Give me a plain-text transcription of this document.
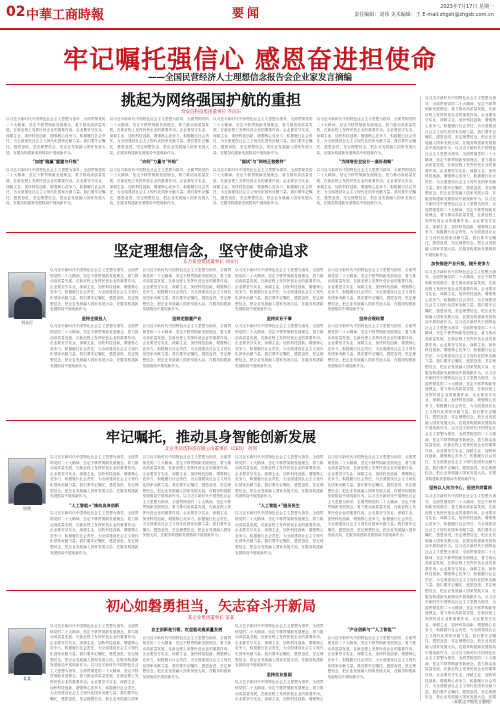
02 中華工商時報	要闻	2023年7月17日 星期一
责任编辑：刘伟 美术编辑：王 E-mail:zhgsh@zhgsb.com.cn
牢记嘱托强信心 感恩奋进担使命
——全国民营经济人士理想信念报告会企业家发言摘编
挑起为网络强国护航的重担
奇安信科技集团董事长 齐向东
以习近平新时代中国特色社会主义思想为指导，全面贯彻党的二十大精神，坚定不移贯彻新发展理念，着力推动高质量发展，在新征程上发挥民营企业的重要作用。企业要坚守实业，深耕主业，加快科技创新，增强核心竞争力，积极履行社会责任，为全面建设社会主义现代化国家贡献力量。我们要牢记嘱托，感恩奋进，坚定理想信念，把企业发展融入国家发展大局，在服务构建新发展格局中展现新作为。
"加速"跑赢"重建与升级"
以习近平新时代中国特色社会主义思想为指导，全面贯彻党的二十大精神，坚定不移贯彻新发展理念，着力推动高质量发展，在新征程上发挥民营企业的重要作用。企业要坚守实业，深耕主业，加快科技创新，增强核心竞争力，积极履行社会责任，为全面建设社会主义现代化国家贡献力量。我们要牢记嘱托，感恩奋进，坚定理想信念，把企业发展融入国家发展大局，在服务构建新发展格局中展现新作为。
以习近平新时代中国特色社会主义思想为指导，全面贯彻党的二十大精神，坚定不移贯彻新发展理念，着力推动高质量发展，在新征程上发挥民营企业的重要作用。企业要坚守实业，深耕主业，加快科技创新，增强核心竞争力，积极履行社会责任，为全面建设社会主义现代化国家贡献力量。我们要牢记嘱托，感恩奋进，坚定理想信念，把企业发展融入国家发展大局，在服务构建新发展格局中展现新作为。
"向好"力量与"补贴"
以习近平新时代中国特色社会主义思想为指导，全面贯彻党的二十大精神，坚定不移贯彻新发展理念，着力推动高质量发展，在新征程上发挥民营企业的重要作用。企业要坚守实业，深耕主业，加快科技创新，增强核心竞争力，积极履行社会责任，为全面建设社会主义现代化国家贡献力量。我们要牢记嘱托，感恩奋进，坚定理想信念，把企业发展融入国家发展大局，在服务构建新发展格局中展现新作为。
以习近平新时代中国特色社会主义思想为指导，全面贯彻党的二十大精神，坚定不移贯彻新发展理念，着力推动高质量发展，在新征程上发挥民营企业的重要作用。企业要坚守实业，深耕主业，加快科技创新，增强核心竞争力，积极履行社会责任，为全面建设社会主义现代化国家贡献力量。我们要牢记嘱托，感恩奋进，坚定理想信念，把企业发展融入国家发展大局，在服务构建新发展格局中展现新作为。
"国试"与"网络正装数件"
以习近平新时代中国特色社会主义思想为指导，全面贯彻党的二十大精神，坚定不移贯彻新发展理念，着力推动高质量发展，在新征程上发挥民营企业的重要作用。企业要坚守实业，深耕主业，加快科技创新，增强核心竞争力，积极履行社会责任，为全面建设社会主义现代化国家贡献力量。我们要牢记嘱托，感恩奋进，坚定理想信念，把企业发展融入国家发展大局，在服务构建新发展格局中展现新作为。
以习近平新时代中国特色社会主义思想为指导，全面贯彻党的二十大精神，坚定不移贯彻新发展理念，着力推动高质量发展，在新征程上发挥民营企业的重要作用。企业要坚守实业，深耕主业，加快科技创新，增强核心竞争力，积极履行社会责任，为全面建设社会主义现代化国家贡献力量。我们要牢记嘱托，感恩奋进，坚定理想信念，把企业发展融入国家发展大局，在服务构建新发展格局中展现新作为。
"为网络安全设计一套好战略"
以习近平新时代中国特色社会主义思想为指导，全面贯彻党的二十大精神，坚定不移贯彻新发展理念，着力推动高质量发展，在新征程上发挥民营企业的重要作用。企业要坚守实业，深耕主业，加快科技创新，增强核心竞争力，积极履行社会责任，为全面建设社会主义现代化国家贡献力量。我们要牢记嘱托，感恩奋进，坚定理想信念，把企业发展融入国家发展大局，在服务构建新发展格局中展现新作为。
坚定理想信念，坚守使命追求
东方希望集团董事长 刘永行
刘永行
以习近平新时代中国特色社会主义思想为指导，全面贯彻党的二十大精神，坚定不移贯彻新发展理念，着力推动高质量发展，在新征程上发挥民营企业的重要作用。企业要坚守实业，深耕主业，加快科技创新，增强核心竞争力，积极履行社会责任，为全面建设社会主义现代化国家贡献力量。我们要牢记嘱托，感恩奋进，坚定理想信念，把企业发展融入国家发展大局，在服务构建新发展格局中展现新作为。
坚持全面投入
以习近平新时代中国特色社会主义思想为指导，全面贯彻党的二十大精神，坚定不移贯彻新发展理念，着力推动高质量发展，在新征程上发挥民营企业的重要作用。企业要坚守实业，深耕主业，加快科技创新，增强核心竞争力，积极履行社会责任，为全面建设社会主义现代化国家贡献力量。我们要牢记嘱托，感恩奋进，坚定理想信念，把企业发展融入国家发展大局，在服务构建新发展格局中展现新作为。
以习近平新时代中国特色社会主义思想为指导，全面贯彻党的二十大精神，坚定不移贯彻新发展理念，着力推动高质量发展，在新征程上发挥民营企业的重要作用。企业要坚守实业，深耕主业，加快科技创新，增强核心竞争力，积极履行社会责任，为全面建设社会主义现代化国家贡献力量。我们要牢记嘱托，感恩奋进，坚定理想信念，把企业发展融入国家发展大局，在服务构建新发展格局中展现新作为。
坚持走稳重产业
以习近平新时代中国特色社会主义思想为指导，全面贯彻党的二十大精神，坚定不移贯彻新发展理念，着力推动高质量发展，在新征程上发挥民营企业的重要作用。企业要坚守实业，深耕主业，加快科技创新，增强核心竞争力，积极履行社会责任，为全面建设社会主义现代化国家贡献力量。我们要牢记嘱托，感恩奋进，坚定理想信念，把企业发展融入国家发展大局，在服务构建新发展格局中展现新作为。
以习近平新时代中国特色社会主义思想为指导，全面贯彻党的二十大精神，坚定不移贯彻新发展理念，着力推动高质量发展，在新征程上发挥民营企业的重要作用。企业要坚守实业，深耕主业，加快科技创新，增强核心竞争力，积极履行社会责任，为全面建设社会主义现代化国家贡献力量。我们要牢记嘱托，感恩奋进，坚定理想信念，把企业发展融入国家发展大局，在服务构建新发展格局中展现新作为。
坚持实业干事
以习近平新时代中国特色社会主义思想为指导，全面贯彻党的二十大精神，坚定不移贯彻新发展理念，着力推动高质量发展，在新征程上发挥民营企业的重要作用。企业要坚守实业，深耕主业，加快科技创新，增强核心竞争力，积极履行社会责任，为全面建设社会主义现代化国家贡献力量。我们要牢记嘱托，感恩奋进，坚定理想信念，把企业发展融入国家发展大局，在服务构建新发展格局中展现新作为。
以习近平新时代中国特色社会主义思想为指导，全面贯彻党的二十大精神，坚定不移贯彻新发展理念，着力推动高质量发展，在新征程上发挥民营企业的重要作用。企业要坚守实业，深耕主业，加快科技创新，增强核心竞争力，积极履行社会责任，为全面建设社会主义现代化国家贡献力量。我们要牢记嘱托，感恩奋进，坚定理想信念，把企业发展融入国家发展大局，在服务构建新发展格局中展现新作为。
坚持合规经营
以习近平新时代中国特色社会主义思想为指导，全面贯彻党的二十大精神，坚定不移贯彻新发展理念，着力推动高质量发展，在新征程上发挥民营企业的重要作用。企业要坚守实业，深耕主业，加快科技创新，增强核心竞争力，积极履行社会责任，为全面建设社会主义现代化国家贡献力量。我们要牢记嘱托，感恩奋进，坚定理想信念，把企业发展融入国家发展大局，在服务构建新发展格局中展现新作为。
牢记嘱托，推动具身智能创新发展
北京优必选科技有限公司董事长（CEO） 周剑
周剑
以习近平新时代中国特色社会主义思想为指导，全面贯彻党的二十大精神，坚定不移贯彻新发展理念，着力推动高质量发展，在新征程上发挥民营企业的重要作用。企业要坚守实业，深耕主业，加快科技创新，增强核心竞争力，积极履行社会责任，为全面建设社会主义现代化国家贡献力量。我们要牢记嘱托，感恩奋进，坚定理想信念，把企业发展融入国家发展大局，在服务构建新发展格局中展现新作为。
"人工智能+"推动具身创新
以习近平新时代中国特色社会主义思想为指导，全面贯彻党的二十大精神，坚定不移贯彻新发展理念，着力推动高质量发展，在新征程上发挥民营企业的重要作用。企业要坚守实业，深耕主业，加快科技创新，增强核心竞争力，积极履行社会责任，为全面建设社会主义现代化国家贡献力量。我们要牢记嘱托，感恩奋进，坚定理想信念，把企业发展融入国家发展大局，在服务构建新发展格局中展现新作为。
以习近平新时代中国特色社会主义思想为指导，全面贯彻党的二十大精神，坚定不移贯彻新发展理念，着力推动高质量发展，在新征程上发挥民营企业的重要作用。企业要坚守实业，深耕主业，加快科技创新，增强核心竞争力，积极履行社会责任，为全面建设社会主义现代化国家贡献力量。我们要牢记嘱托，感恩奋进，坚定理想信念，把企业发展融入国家发展大局，在服务构建新发展格局中展现新作为。以习近平新时代中国特色社会主义思想为指导，全面贯彻党的二十大精神，坚定不移贯彻新发展理念，着力推动高质量发展，在新征程上发挥民营企业的重要作用。企业要坚守实业，深耕主业，加快科技创新，增强核心竞争力，积极履行社会责任，为全面建设社会主义现代化国家贡献力量。我们要牢记嘱托，感恩奋进，坚定理想信念，把企业发展融入国家发展大局，在服务构建新发展格局中展现新作为。
以习近平新时代中国特色社会主义思想为指导，全面贯彻党的二十大精神，坚定不移贯彻新发展理念，着力推动高质量发展，在新征程上发挥民营企业的重要作用。企业要坚守实业，深耕主业，加快科技创新，增强核心竞争力，积极履行社会责任，为全面建设社会主义现代化国家贡献力量。我们要牢记嘱托，感恩奋进，坚定理想信念，把企业发展融入国家发展大局，在服务构建新发展格局中展现新作为。
"人工智能+"服务民生
以习近平新时代中国特色社会主义思想为指导，全面贯彻党的二十大精神，坚定不移贯彻新发展理念，着力推动高质量发展，在新征程上发挥民营企业的重要作用。企业要坚守实业，深耕主业，加快科技创新，增强核心竞争力，积极履行社会责任，为全面建设社会主义现代化国家贡献力量。我们要牢记嘱托，感恩奋进，坚定理想信念，把企业发展融入国家发展大局，在服务构建新发展格局中展现新作为。
以习近平新时代中国特色社会主义思想为指导，全面贯彻党的二十大精神，坚定不移贯彻新发展理念，着力推动高质量发展，在新征程上发挥民营企业的重要作用。企业要坚守实业，深耕主业，加快科技创新，增强核心竞争力，积极履行社会责任，为全面建设社会主义现代化国家贡献力量。我们要牢记嘱托，感恩奋进，坚定理想信念，把企业发展融入国家发展大局，在服务构建新发展格局中展现新作为。以习近平新时代中国特色社会主义思想为指导，全面贯彻党的二十大精神，坚定不移贯彻新发展理念，着力推动高质量发展，在新征程上发挥民营企业的重要作用。企业要坚守实业，深耕主业，加快科技创新，增强核心竞争力，积极履行社会责任，为全面建设社会主义现代化国家贡献力量。我们要牢记嘱托，感恩奋进，坚定理想信念，把企业发展融入国家发展大局，在服务构建新发展格局中展现新作为。
初心如磐勇担当，矢志奋斗开新局
某企业集团董事长 某某
某某
以习近平新时代中国特色社会主义思想为指导，全面贯彻党的二十大精神，坚定不移贯彻新发展理念，着力推动高质量发展，在新征程上发挥民营企业的重要作用。企业要坚守实业，深耕主业，加快科技创新，增强核心竞争力，积极履行社会责任，为全面建设社会主义现代化国家贡献力量。我们要牢记嘱托，感恩奋进，坚定理想信念，把企业发展融入国家发展大局，在服务构建新发展格局中展现新作为。以习近平新时代中国特色社会主义思想为指导，全面贯彻党的二十大精神，坚定不移贯彻新发展理念，着力推动高质量发展，在新征程上发挥民营企业的重要作用。企业要坚守实业，深耕主业，加快科技创新，增强核心竞争力，积极履行社会责任，为全面建设社会主义现代化国家贡献力量。我们要牢记嘱托，感恩奋进，坚定理想信念，把企业发展融入国家
自主创新是引领，攻坚驱动高质量发展
以习近平新时代中国特色社会主义思想为指导，全面贯彻党的二十大精神，坚定不移贯彻新发展理念，着力推动高质量发展，在新征程上发挥民营企业的重要作用。企业要坚守实业，深耕主业，加快科技创新，增强核心竞争力，积极履行社会责任，为全面建设社会主义现代化国家贡献力量。我们要牢记嘱托，感恩奋进，坚定理想信念，把企业发展融入国家发展大局，在服务构建新发展格局中展现新作为。
以习近平新时代中国特色社会主义思想为指导，全面贯彻党的二十大精神，坚定不移贯彻新发展理念，着力推动高质量发展，在新征程上发挥民营企业的重要作用。企业要坚守实业，深耕主业，加快科技创新，增强核心竞争力，积极履行社会责任，为全面建设社会主义现代化国家贡献力量。我们要牢记嘱托，感恩奋进，坚定理想信念，把企业发展融入国家发展大局，在服务构建新发展格局中展现新作为。
坚持实业报国
以习近平新时代中国特色社会主义思想为指导，全面贯彻党的二十大精神，坚定不移贯彻新发展理念，着力推动高质量发展，在新征程上发挥民营企业的重要作用。企业要坚守实业，深耕主业，加快科技创新，增强核心
"产业创新与""人工智能""
以习近平新时代中国特色社会主义思想为指导，全面贯彻党的二十大精神，坚定不移贯彻新发展理念，着力推动高质量发展，在新征程上发挥民营企业的重要作用。企业要坚守实业，深耕主业，加快科技创新，增强核心竞争力，积极履行社会责任，为全面建设社会主义现代化国家贡献力量。我们要牢记嘱托，感恩奋进，坚定理想信念，把企业发展融入国家发展大局，在服务构建新发展格局中展现新作为。
以习近平新时代中国特色社会主义思想为指导，全面贯彻党的二十大精神，坚定不移贯彻新发展理念，着力推动高质量发展，在新征程上发挥民营企业的重要作用。企业要坚守实业，深耕主业，加快科技创新，增强核心竞争力，积极履行社会责任，为全面建设社会主义现代化国家贡献力量。我们要牢记嘱托，感恩奋进，坚定理想信念，把企业发展融入国家发展大局，在服务构建新发展格局中展现新作为。以习近平新时代中国特色社会主义思想为指导，全面贯彻党的二十大精神，坚定不移贯彻新发展理念，着力推动高质量发展，在新征程上发挥民营企业的重要作用。企业要坚守实业，深耕主业，加快科技创新，增强核心竞争力，积极履行社会责任，为全面建设社会主义现代化国家贡献力量。我们要牢记嘱托，感恩奋进，坚定理想信念，把企业发展融入国家发展大局，在服务构建新发展格局中展现新作为。以习近平新时代中国特色社会主义思想为指导，全面贯彻党的二十大精神，坚定不移贯彻新发展理念，着力推动高质量发展，在新征程上发挥民营企业的重要作用。企业要坚守实业，深耕主业，加快科技创新，增强核心竞争力，积极履行社会责任，为全面建设社会主义现代化国家贡献力量。我们要牢记嘱托，感恩奋进，坚定理想信念，把企业发展融入国家发展大局，在服务构建新发展格局中展现新作为。
加快推进产业升级，提升竞争力
以习近平新时代中国特色社会主义思想为指导，全面贯彻党的二十大精神，坚定不移贯彻新发展理念，着力推动高质量发展，在新征程上发挥民营企业的重要作用。企业要坚守实业，深耕主业，加快科技创新，增强核心竞争力，积极履行社会责任，为全面建设社会主义现代化国家贡献力量。我们要牢记嘱托，感恩奋进，坚定理想信念，把企业发展融入国家发展大局，在服务构建新发展格局中展现新作为。以习近平新时代中国特色社会主义思想为指导，全面贯彻党的二十大精神，坚定不移贯彻新发展理念，着力推动高质量发展，在新征程上发挥民营企业的重要作用。企业要坚守实业，深耕主业，加快科技创新，增强核心竞争力，积极履行社会责任，为全面建设社会主义现代化国家贡献力量。我们要牢记嘱托，感恩奋进，坚定理想信念，把企业发展融入国家发展大局，在服务构建新发展格局中展现新作为。以习近平新时代中国特色社会主义思想为指导，全面贯彻党的二十大精神，坚定不移贯彻新发展理念，着力推动高质量发展，在新征程上发挥民营企业的重要作用。企业要坚守实业，深耕主业，加快科技创新，增强核心竞争力，积极履行社会责任，为全面建设社会主义现代化国家贡献力量。我们要牢记嘱托，感恩奋进，坚定理想信念，把企业发展融入国家发展大局，在服务构建新发展格局中展现新作为。以习近平新时代中国特色社会主义思想为指导，全面贯彻党的二十大精神，坚定不移贯彻新发展理念，着力推动高质量发展，在新征程上发挥民营企业的重要作用。企业要坚守实业，深耕主业，加快科技创新，增强核心竞争力，积极履行社会责任，为全面建设社会主义现代化国家贡献力量。我们要牢记嘱托，感恩奋进，坚定理想信念，把企业发展融入国家发展大局，在服务构建新发展格局中展现新作为。
坚持以人民为中心，促进共同富裕
以习近平新时代中国特色社会主义思想为指导，全面贯彻党的二十大精神，坚定不移贯彻新发展理念，着力推动高质量发展，在新征程上发挥民营企业的重要作用。企业要坚守实业，深耕主业，加快科技创新，增强核心竞争力，积极履行社会责任，为全面建设社会主义现代化国家贡献力量。我们要牢记嘱托，感恩奋进，坚定理想信念，把企业发展融入国家发展大局，在服务构建新发展格局中展现新作为。以习近平新时代中国特色社会主义思想为指导，全面贯彻党的二十大精神，坚定不移贯彻新发展理念，着力推动高质量发展，在新征程上发挥民营企业的重要作用。企业要坚守实业，深耕主业，加快科技创新，增强核心竞争力，积极履行社会责任，为全面建设社会主义现代化国家贡献力量。我们要牢记嘱托，感恩奋进，坚定理想信念，把企业发展融入国家发展大局，在服务构建新发展格局中展现新作为。以习近平新时代中国特色社会主义思想为指导，全面贯彻党的二十大精神，坚定不移贯彻新发展理念，着力推动高质量发展，在新征程上发挥民营企业的重要作用。企业要坚守实业，深耕主业，加快科技创新，增强核心竞争力，积极履行社会责任，为全面建设社会主义现代化国家贡献力量。我们要牢记嘱托，感恩奋进，坚定理想信念，把企业发展融入国家发展大局，在服务构建新发展格局中展现新作为。以习近平新时代中国特色社会主义思想为指导，全面贯彻党的二十大精神，坚定不移贯彻新发展理念，着力推动高质量发展，在新征程上发挥民营企业的重要作用。企业要坚守实业，深耕主业，加快科技创新，增强核心竞争力，积极履行社会责任，为全面建设社会主义现代化国家贡献力量。我们要牢记嘱托，感恩奋进，坚定理想信念，把企业发展融入国家发展大局，在服
（本版文字据发言整理）
